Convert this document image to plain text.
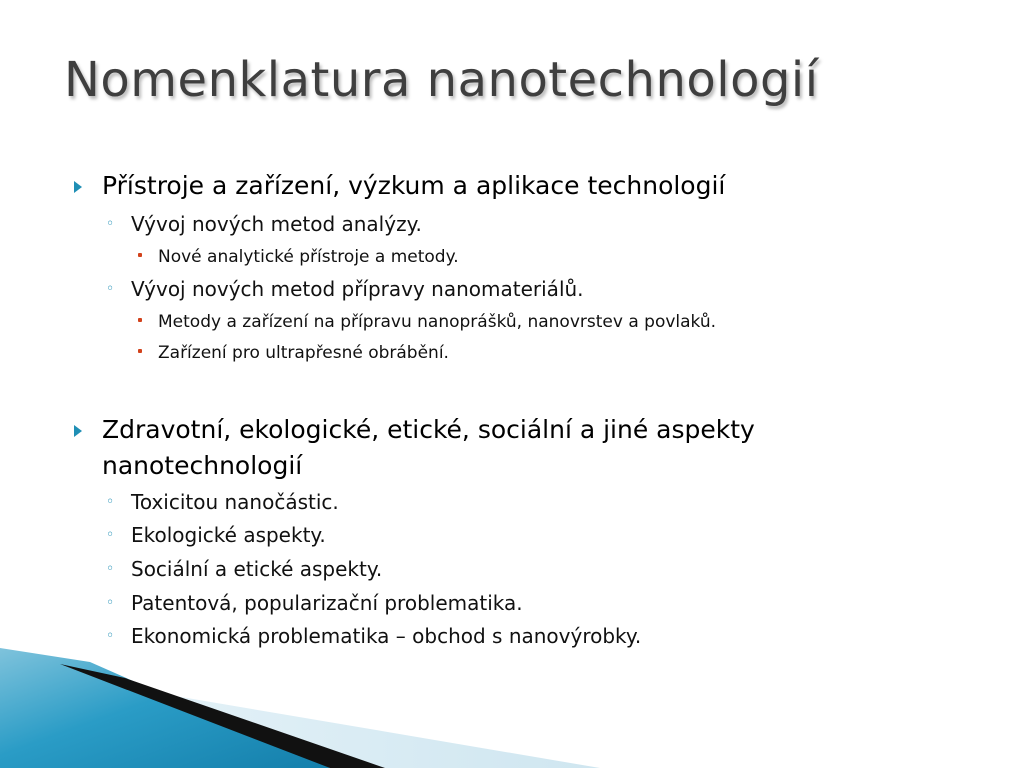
Nomenklatura nanotechnologií
Přístroje a zařízení, výzkum a aplikace technologií
◦ Vývoj nových metod analýzy.
Nové analytické přístroje a metody.
◦ Vývoj nových metod přípravy nanomateriálů.
Metody a zařízení na přípravu nanoprášků, nanovrstev a povlaků.
Zařízení pro ultrapřesné obrábění.
Zdravotní, ekologické, etické, sociální a jiné aspekty nanotechnologií
◦ Toxicitou nanočástic.
◦ Ekologické aspekty.
◦ Sociální a etické aspekty.
◦ Patentová, popularizační problematika.
◦ Ekonomická problematika – obchod s nanovýrobky.
